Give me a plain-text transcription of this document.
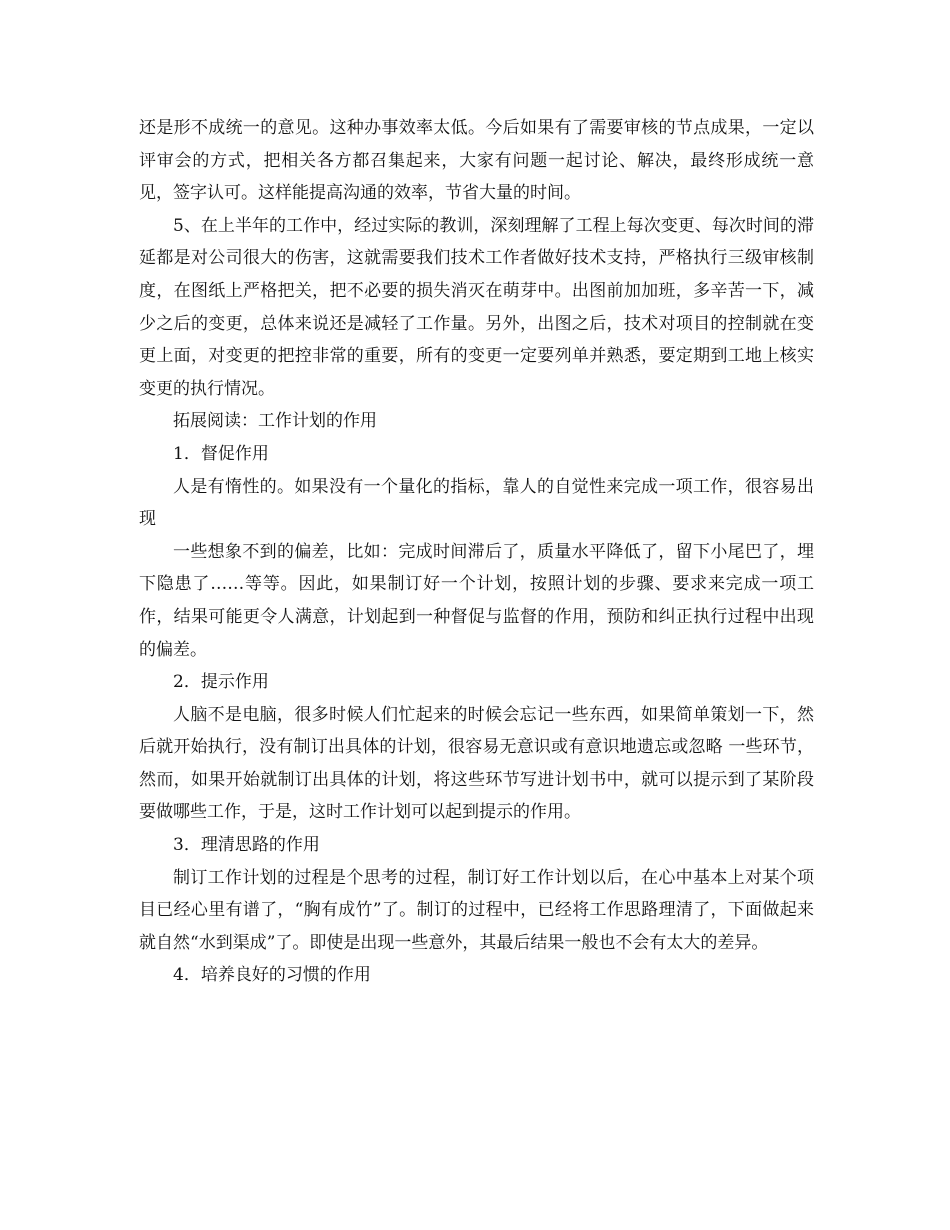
还是形不成统一的意见。这种办事效率太低。今后如果有了需要审核的节点成果，一定以评审会的方式，把相关各方都召集起来，大家有问题一起讨论、解决，最终形成统一意见，签字认可。这样能提高沟通的效率，节省大量的时间。

5、在上半年的工作中，经过实际的教训，深刻理解了工程上每次变更、每次时间的滞延都是对公司很大的伤害，这就需要我们技术工作者做好技术支持，严格执行三级审核制度，在图纸上严格把关，把不必要的损失消灭在萌芽中。出图前加加班，多辛苦一下，减少之后的变更，总体来说还是减轻了工作量。另外，出图之后，技术对项目的控制就在变更上面，对变更的把控非常的重要，所有的变更一定要列单并熟悉，要定期到工地上核实变更的执行情况。

拓展阅读：工作计划的作用

1．督促作用

人是有惰性的。如果没有一个量化的指标，靠人的自觉性来完成一项工作，很容易出现

一些想象不到的偏差，比如：完成时间滞后了，质量水平降低了，留下小尾巴了，埋下隐患了……等等。因此，如果制订好一个计划，按照计划的步骤、要求来完成一项工作，结果可能更令人满意，计划起到一种督促与监督的作用，预防和纠正执行过程中出现的偏差。

2．提示作用

人脑不是电脑，很多时候人们忙起来的时候会忘记一些东西，如果简单策划一下，然后就开始执行，没有制订出具体的计划，很容易无意识或有意识地遗忘或忽略 一些环节，然而，如果开始就制订出具体的计划，将这些环节写进计划书中，就可以提示到了某阶段要做哪些工作，于是，这时工作计划可以起到提示的作用。

3．理清思路的作用

制订工作计划的过程是个思考的过程，制订好工作计划以后，在心中基本上对某个项目已经心里有谱了，“胸有成竹”了。制订的过程中，已经将工作思路理清了，下面做起来就自然“水到渠成”了。即使是出现一些意外，其最后结果一般也不会有太大的差异。

4．培养良好的习惯的作用
